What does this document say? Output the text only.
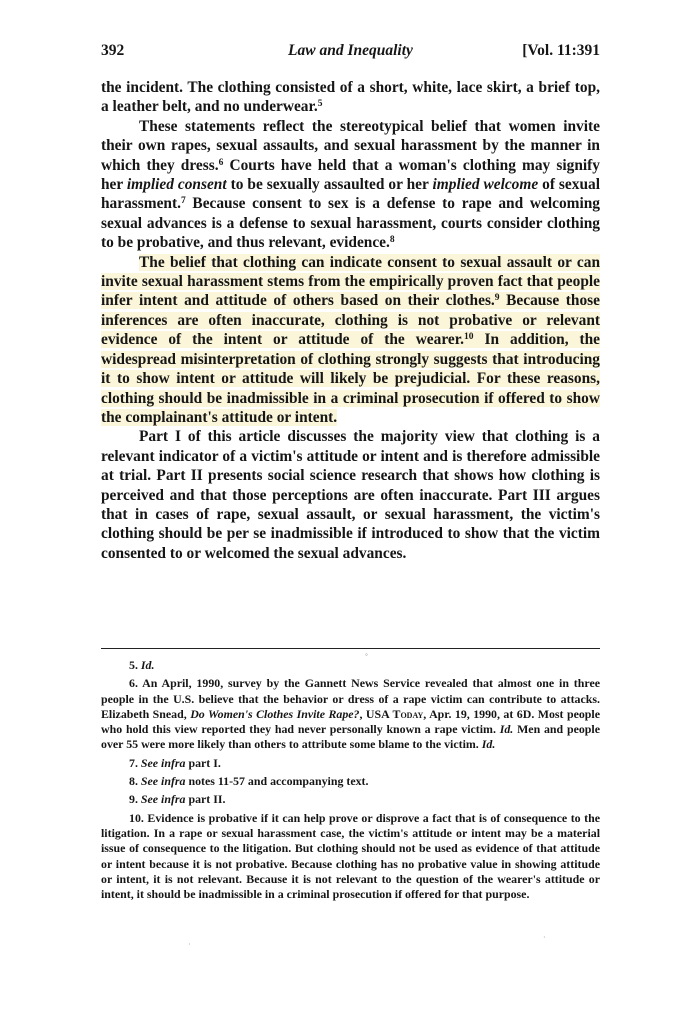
392	Law and Inequality	[Vol. 11:391

the incident. The clothing consisted of a short, white, lace skirt, a brief top, a leather belt, and no underwear.$^5$

These statements reflect the stereotypical belief that women invite their own rapes, sexual assaults, and sexual harassment by the manner in which they dress.$^6$ Courts have held that a woman's clothing may signify her implied consent to be sexually assaulted or her implied welcome of sexual harassment.$^7$ Because consent to sex is a defense to rape and welcoming sexual advances is a defense to sexual harassment, courts consider clothing to be probative, and thus relevant, evidence.$^8$

The belief that clothing can indicate consent to sexual assault or can invite sexual harassment stems from the empirically proven fact that people infer intent and attitude of others based on their clothes.$^9$ Because those inferences are often inaccurate, clothing is not probative or relevant evidence of the intent or attitude of the wearer.$^{10}$ In addition, the widespread misinterpretation of clothing strongly suggests that introducing it to show intent or attitude will likely be prejudicial. For these reasons, clothing should be inadmissible in a criminal prosecution if offered to show the complainant's attitude or intent.

Part I of this article discusses the majority view that clothing is a relevant indicator of a victim's attitude or intent and is therefore admissible at trial. Part II presents social science research that shows how clothing is perceived and that those perceptions are often inaccurate. Part III argues that in cases of rape, sexual assault, or sexual harassment, the victim's clothing should be per se inadmissible if introduced to show that the victim consented to or welcomed the sexual advances.

◦

5. Id.

6. An April, 1990, survey by the Gannett News Service revealed that almost one in three people in the U.S. believe that the behavior or dress of a rape victim can contribute to attacks. Elizabeth Snead, Do Women's Clothes Invite Rape?, USA Today, Apr. 19, 1990, at 6D. Most people who hold this view reported they had never personally known a rape victim. Id. Men and people over 55 were more likely than others to attribute some blame to the victim. Id.

7. See infra part I.

8. See infra notes 11-57 and accompanying text.

9. See infra part II.

10. Evidence is probative if it can help prove or disprove a fact that is of consequence to the litigation. In a rape or sexual harassment case, the victim's attitude or intent may be a material issue of consequence to the litigation. But clothing should not be used as evidence of that attitude or intent because it is not probative. Because clothing has no probative value in showing attitude or intent, it is not relevant. Because it is not relevant to the question of the wearer's attitude or intent, it should be inadmissible in a criminal prosecution if offered for that purpose.

·
·
